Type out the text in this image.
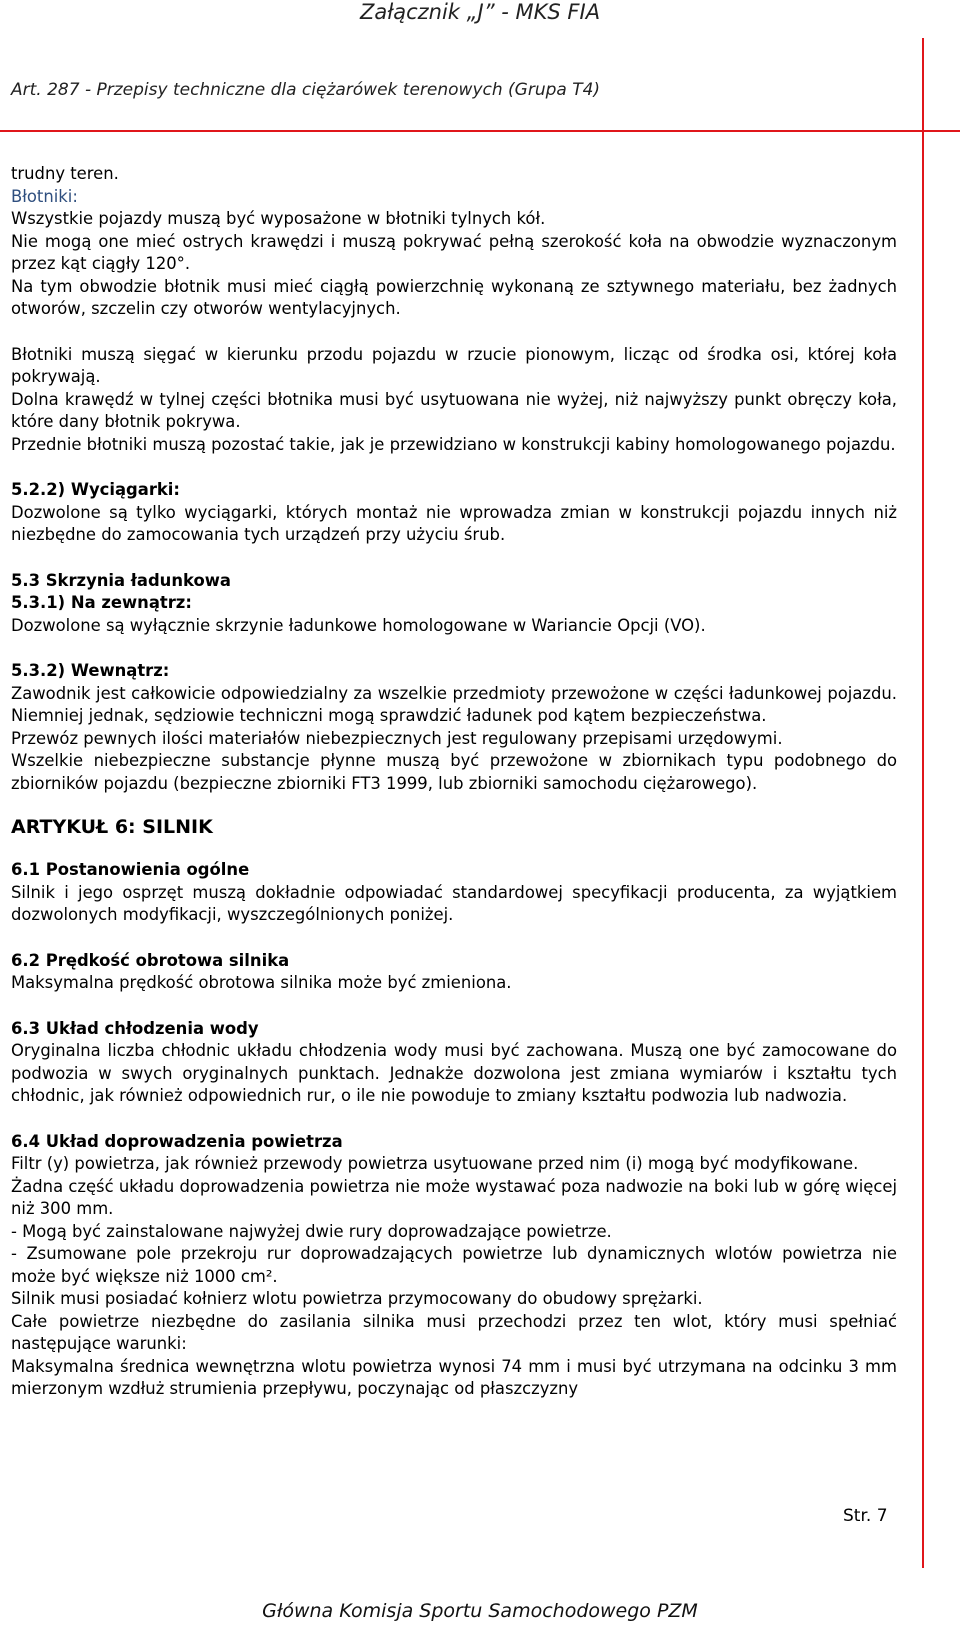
Załącznik „J” - MKS FIA
Art. 287 - Przepisy techniczne dla ciężarówek terenowych (Grupa T4)

trudny teren.

Błotniki:

Wszystkie pojazdy muszą być wyposażone w błotniki tylnych kół.

Nie mogą one mieć ostrych krawędzi i muszą pokrywać pełną szerokość koła na obwodzie wyznaczonym przez kąt ciągły 120°.

Na tym obwodzie błotnik musi mieć ciągłą powierzchnię wykonaną ze sztywnego materiału, bez żadnych otworów, szczelin czy otworów wentylacyjnych.

Błotniki muszą sięgać w kierunku przodu pojazdu w rzucie pionowym, licząc od środka osi, której koła pokrywają.

Dolna krawędź w tylnej części błotnika musi być usytuowana nie wyżej, niż najwyższy punkt obręczy koła, które dany błotnik pokrywa.

Przednie błotniki muszą pozostać takie, jak je przewidziano w konstrukcji kabiny homologowanego pojazdu.

5.2.2) Wyciągarki:

Dozwolone są tylko wyciągarki, których montaż nie wprowadza zmian w konstrukcji pojazdu innych niż niezbędne do zamocowania tych urządzeń przy użyciu śrub.

5.3 Skrzynia ładunkowa

5.3.1) Na zewnątrz:

Dozwolone są wyłącznie skrzynie ładunkowe homologowane w Wariancie Opcji (VO).

5.3.2) Wewnątrz:

Zawodnik jest całkowicie odpowiedzialny za wszelkie przedmioty przewożone w części ładunkowej pojazdu. Niemniej jednak, sędziowie techniczni mogą sprawdzić ładunek pod kątem bezpieczeństwa.

Przewóz pewnych ilości materiałów niebezpiecznych jest regulowany przepisami urzędowymi.

Wszelkie niebezpieczne substancje płynne muszą być przewożone w zbiornikach typu podobnego do zbiorników pojazdu (bezpieczne zbiorniki FT3 1999, lub zbiorniki samochodu ciężarowego).

ARTYKUŁ 6: SILNIK

6.1 Postanowienia ogólne

Silnik i jego osprzęt muszą dokładnie odpowiadać standardowej specyfikacji producenta, za wyjątkiem dozwolonych modyfikacji, wyszczególnionych poniżej.

6.2 Prędkość obrotowa silnika

Maksymalna prędkość obrotowa silnika może być zmieniona.

6.3 Układ chłodzenia wody

Oryginalna liczba chłodnic układu chłodzenia wody musi być zachowana. Muszą one być zamocowane do podwozia w swych oryginalnych punktach. Jednakże dozwolona jest zmiana wymiarów i kształtu tych chłodnic, jak również odpowiednich rur, o ile nie powoduje to zmiany kształtu podwozia lub nadwozia.

6.4 Układ doprowadzenia powietrza

Filtr (y) powietrza, jak również przewody powietrza usytuowane przed nim (i) mogą być modyfikowane.

Żadna część układu doprowadzenia powietrza nie może wystawać poza nadwozie na boki lub w górę więcej niż 300 mm.

- Mogą być zainstalowane najwyżej dwie rury doprowadzające powietrze.

- Zsumowane pole przekroju rur doprowadzających powietrze lub dynamicznych wlotów powietrza nie może być większe niż 1000 cm².

Silnik musi posiadać kołnierz wlotu powietrza przymocowany do obudowy sprężarki.

Całe powietrze niezbędne do zasilania silnika musi przechodzi przez ten wlot, który musi spełniać następujące warunki:

Maksymalna średnica wewnętrzna wlotu powietrza wynosi 74 mm i musi być utrzymana na odcinku 3 mm mierzonym wzdłuż strumienia przepływu, poczynając od płaszczyzny

Str. 7
Główna Komisja Sportu Samochodowego PZM
